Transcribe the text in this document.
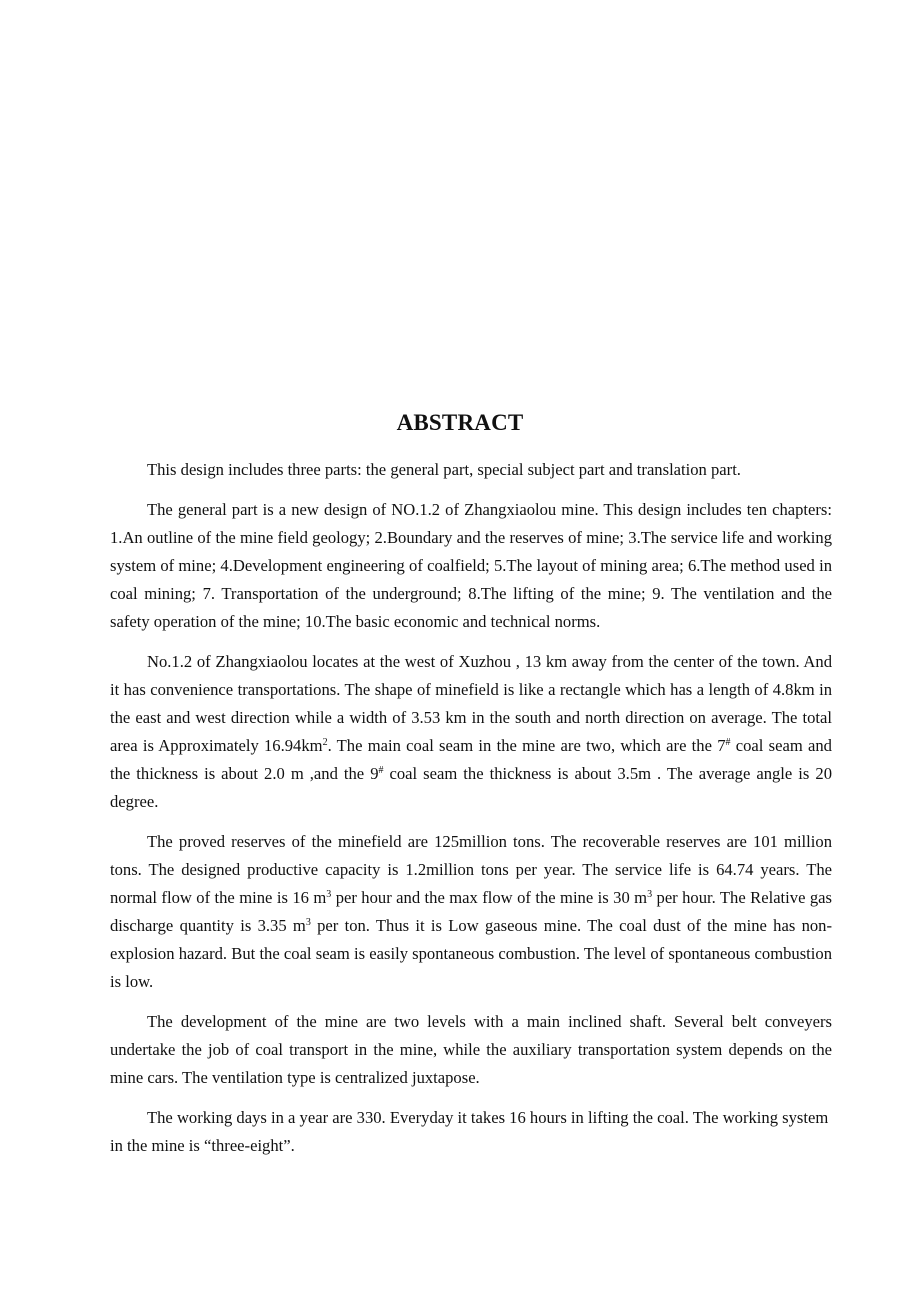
ABSTRACT

This design includes three parts: the general part, special subject part and translation part.

The general part is a new design of NO.1.2 of Zhangxiaolou mine. This design includes ten chapters: 1.An outline of the mine field geology; 2.Boundary and the reserves of mine; 3.The service life and working system of mine; 4.Development engineering of coalfield; 5.The layout of mining area; 6.The method used in coal mining; 7. Transportation of the underground; 8.The lifting of the mine; 9. The ventilation and the safety operation of the mine; 10.The basic economic and technical norms.

No.1.2 of Zhangxiaolou locates at the west of Xuzhou , 13 km away from the center of the town. And it has convenience transportations. The shape of minefield is like a rectangle which has a length of 4.8km in the east and west direction while a width of 3.53 km in the south and north direction on average. The total area is Approximately $16.94km^2$. The main coal seam in the mine are two, which are the 7# coal seam and the thickness is about 2.0 m ,and the 9# coal seam the thickness is about 3.5m . The average angle is 20 degree.

The proved reserves of the minefield are 125million tons. The recoverable reserves are 101 million tons. The designed productive capacity is 1.2million tons per year. The service life is 64.74 years. The normal flow of the mine is 16 $m^3$ per hour and the max flow of the mine is 30 $m^3$ per hour. The Relative gas discharge quantity is 3.35 $m^3$ per ton. Thus it is Low gaseous mine. The coal dust of the mine has non-explosion hazard. But the coal seam is easily spontaneous combustion. The level of spontaneous combustion is low.

The development of the mine are two levels with a main inclined shaft. Several belt conveyers undertake the job of coal transport in the mine, while the auxiliary transportation system depends on the mine cars. The ventilation type is centralized juxtapose.

The working days in a year are 330. Everyday it takes 16 hours in lifting the coal. The working system in the mine is “three-eight”.
